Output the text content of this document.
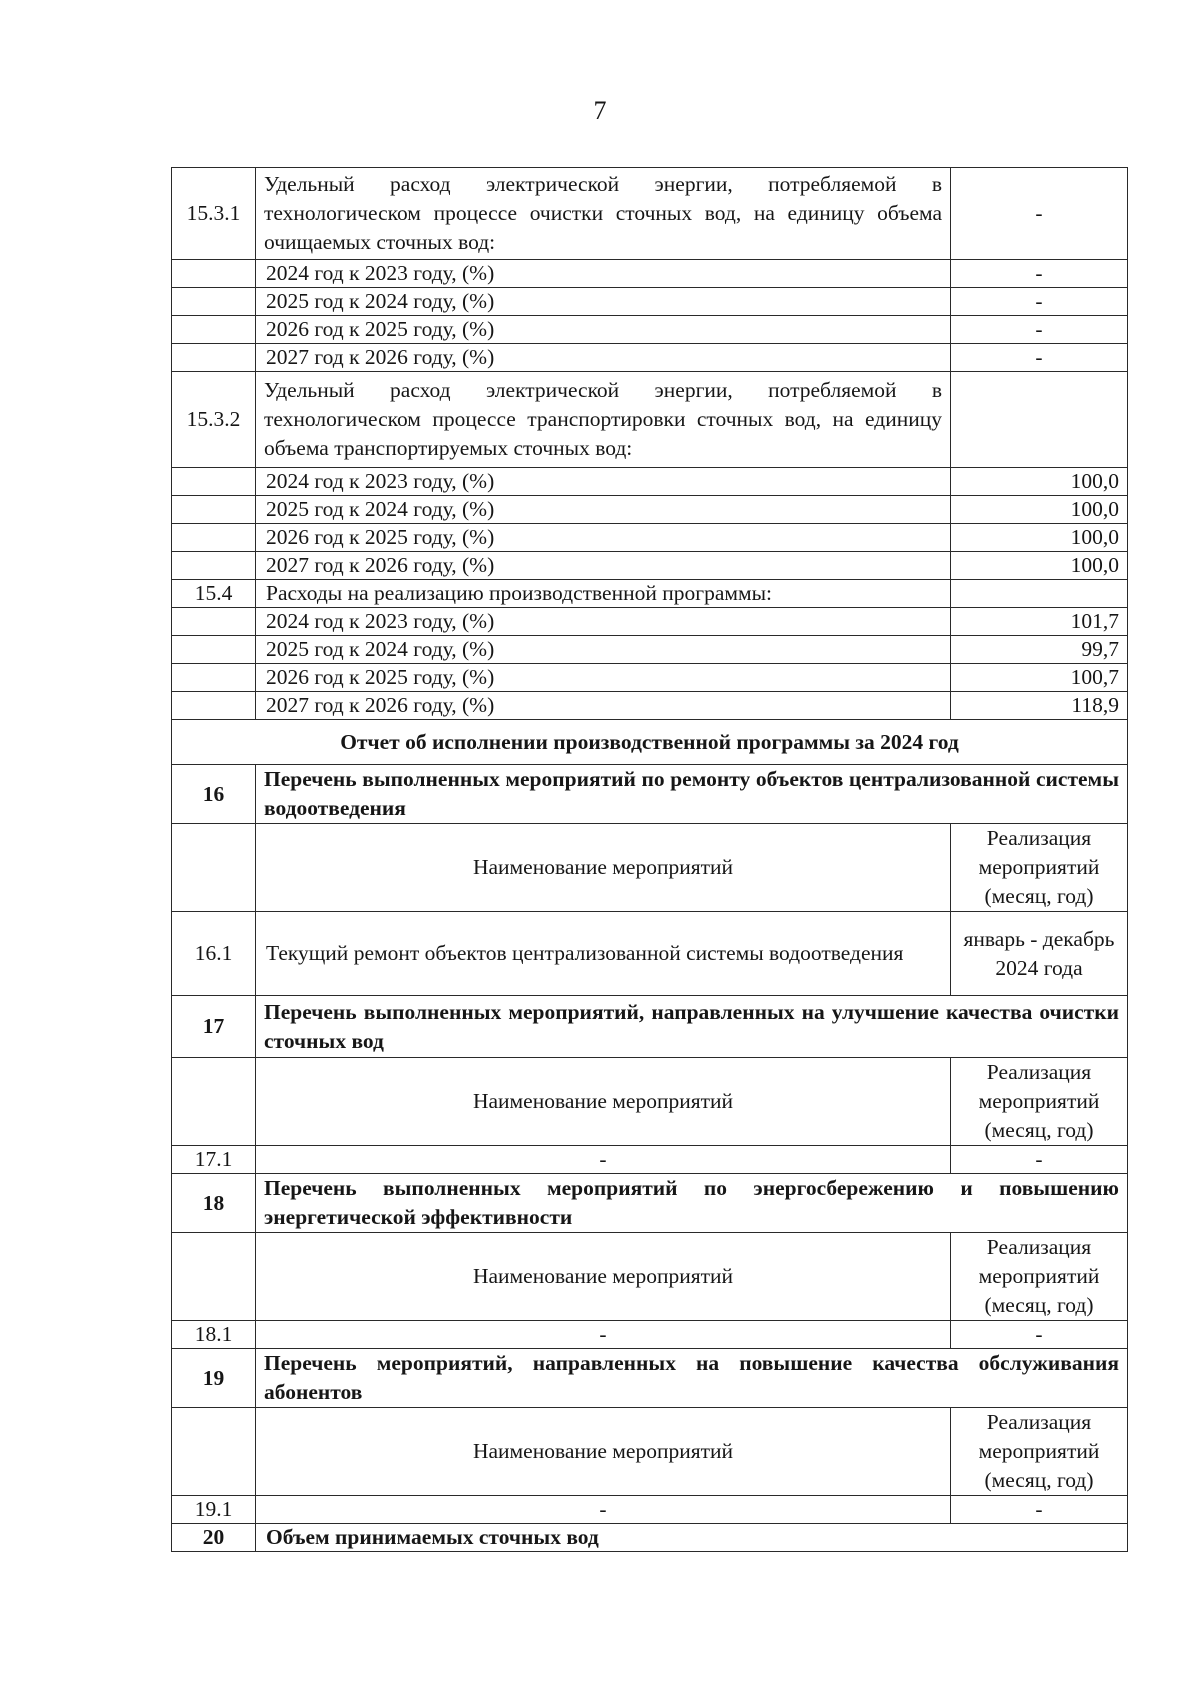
7
15.3.1	Удельный расход электрической энергии, потребляемой в технологическом процессе очистки сточных вод, на единицу объема очищаемых сточных вод:	-
	2024 год к 2023 году, (%)	-
	2025 год к 2024 году, (%)	-
	2026 год к 2025 году, (%)	-
	2027 год к 2026 году, (%)	-
15.3.2	Удельный расход электрической энергии, потребляемой в технологическом процессе транспортировки сточных вод, на единицу объема транспортируемых сточных вод:	
	2024 год к 2023 году, (%)	100,0
	2025 год к 2024 году, (%)	100,0
	2026 год к 2025 году, (%)	100,0
	2027 год к 2026 году, (%)	100,0
15.4	Расходы на реализацию производственной программы:	
	2024 год к 2023 году, (%)	101,7
	2025 год к 2024 году, (%)	99,7
	2026 год к 2025 году, (%)	100,7
	2027 год к 2026 году, (%)	118,9
Отчет об исполнении производственной программы за 2024 год		
16	Перечень выполненных мероприятий по ремонту объектов централизованной системы водоотведения	
	Наименование мероприятий	Реализация мероприятий (месяц, год)
16.1	Текущий ремонт объектов централизованной системы водоотведения	январь - декабрь 2024 года
17	Перечень выполненных мероприятий, направленных на улучшение качества очистки сточных вод	
	Наименование мероприятий	Реализация мероприятий (месяц, год)
17.1	-	-
18	Перечень выполненных мероприятий по энергосбережению и повышению энергетической эффективности	
	Наименование мероприятий	Реализация мероприятий (месяц, год)
18.1	-	-
19	Перечень мероприятий, направленных на повышение качества обслуживания абонентов	
	Наименование мероприятий	Реализация мероприятий (месяц, год)
19.1	-	-
20	Объем принимаемых сточных вод	
